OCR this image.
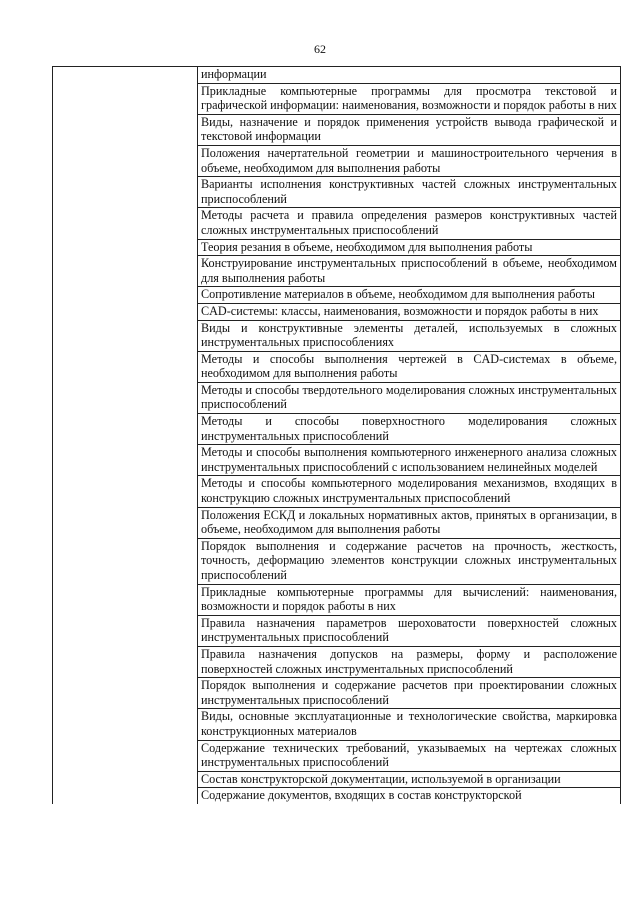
62
	информации
Прикладные компьютерные программы для просмотра текстовой и графической информации: наименования, возможности и порядок работы в них
Виды, назначение и порядок применения устройств вывода графической и текстовой информации
Положения начертательной геометрии и машиностроительного черчения в объеме, необходимом для выполнения работы
Варианты исполнения конструктивных частей сложных инструментальных приспособлений
Методы расчета и правила определения размеров конструктивных частей сложных инструментальных приспособлений
Теория резания в объеме, необходимом для выполнения работы
Конструирование инструментальных приспособлений в объеме, необходимом для выполнения работы
Сопротивление материалов в объеме, необходимом для выполнения работы
CAD-системы: классы, наименования, возможности и порядок работы в них
Виды и конструктивные элементы деталей, используемых в сложных инструментальных приспособлениях
Методы и способы выполнения чертежей в CAD-системах в объеме, необходимом для выполнения работы
Методы и способы твердотельного моделирования сложных инструментальных приспособлений
Методы и способы поверхностного моделирования сложных инструментальных приспособлений
Методы и способы выполнения компьютерного инженерного анализа сложных инструментальных приспособлений с использованием нелинейных моделей
Методы и способы компьютерного моделирования механизмов, входящих в конструкцию сложных инструментальных приспособлений
Положения ЕСКД и локальных нормативных актов, принятых в организации, в объеме, необходимом для выполнения работы
Порядок выполнения и содержание расчетов на прочность, жесткость, точность, деформацию элементов конструкции сложных инструментальных приспособлений
Прикладные компьютерные программы для вычислений: наименования, возможности и порядок работы в них
Правила назначения параметров шероховатости поверхностей сложных инструментальных приспособлений
Правила назначения допусков на размеры, форму и расположение поверхностей сложных инструментальных приспособлений
Порядок выполнения и содержание расчетов при проектировании сложных инструментальных приспособлений
Виды, основные эксплуатационные и технологические свойства, маркировка конструкционных материалов
Содержание технических требований, указываемых на чертежах сложных инструментальных приспособлений
Состав конструкторской документации, используемой в организации
Содержание документов, входящих в состав конструкторской
